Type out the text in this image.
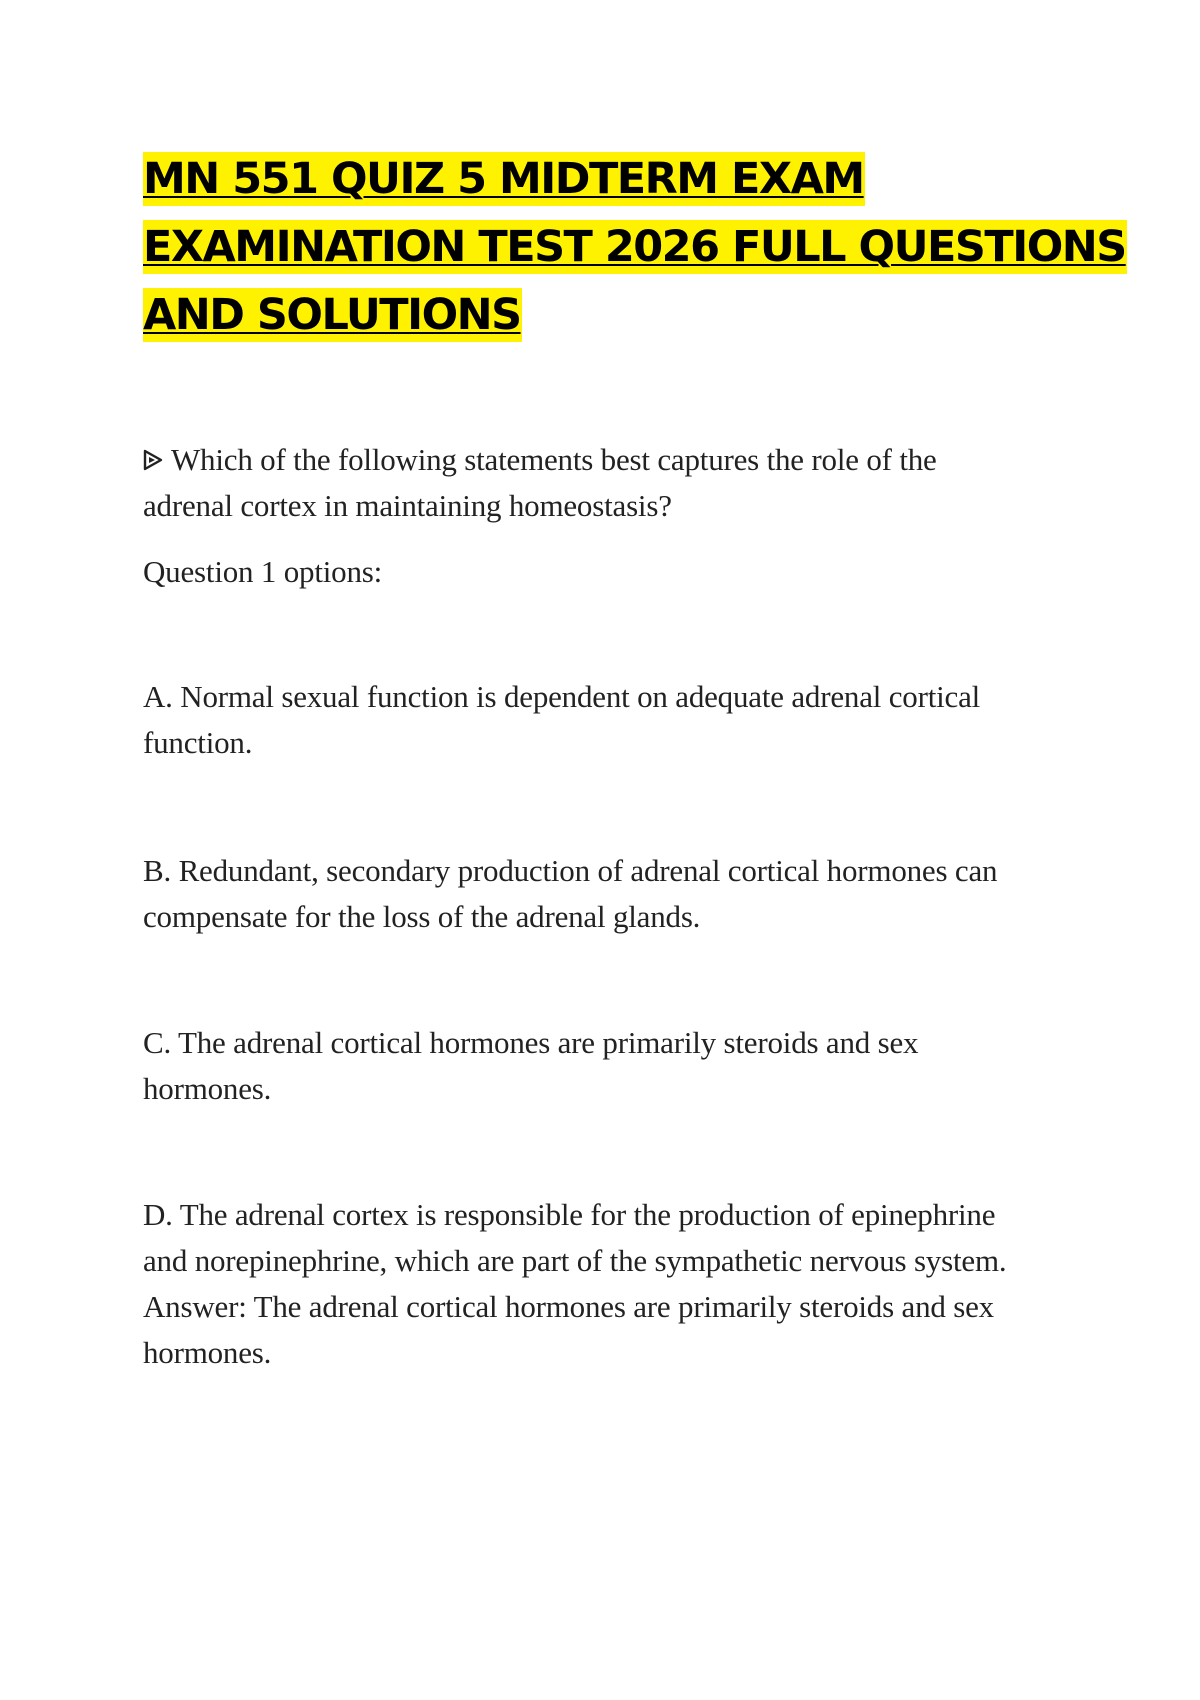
MN 551 QUIZ 5 MIDTERM EXAM
EXAMINATION TEST 2026 FULL QUESTIONS
AND SOLUTIONS
Which of the following statements best captures the role of the
adrenal cortex in maintaining homeostasis?
Question 1 options:
A. Normal sexual function is dependent on adequate adrenal cortical
function.
B. Redundant, secondary production of adrenal cortical hormones can
compensate for the loss of the adrenal glands.
C. The adrenal cortical hormones are primarily steroids and sex
hormones.
D. The adrenal cortex is responsible for the production of epinephrine
and norepinephrine, which are part of the sympathetic nervous system.
Answer: The adrenal cortical hormones are primarily steroids and sex
hormones.
